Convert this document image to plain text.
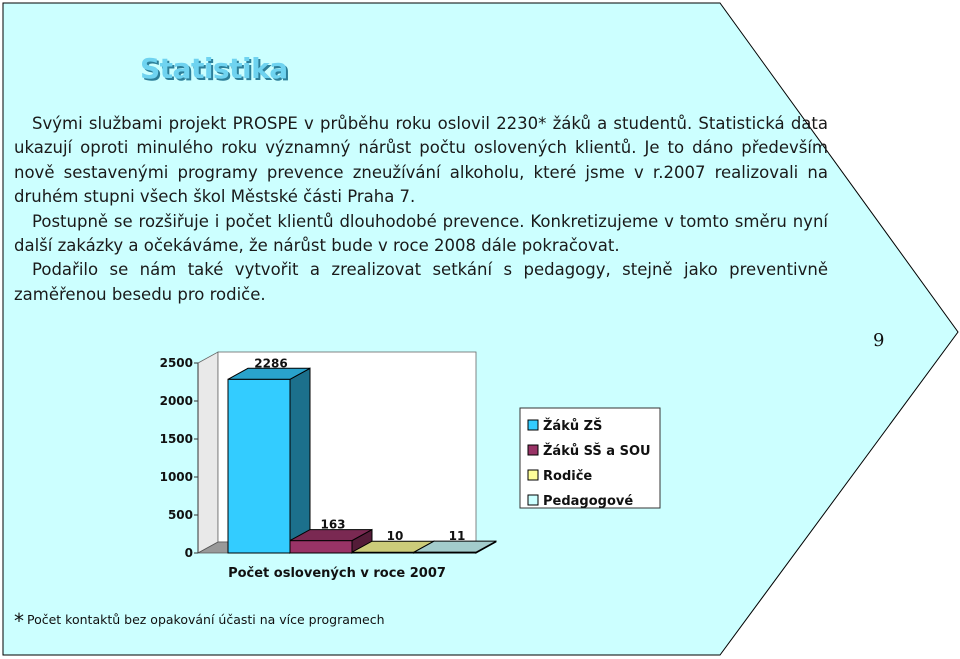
Statistika

Svými službami projekt PROSPE v průběhu roku oslovil 2230* žáků a studentů. Statistická data ukazují oproti minulého roku významný nárůst počtu oslovených klientů. Je to dáno především nově sestavenými programy prevence zneužívání alkoholu, které jsme v r.2007 realizovali na druhém stupni všech škol Městské části Praha 7.

Postupně se rozšiřuje i počet klientů dlouhodobé prevence. Konkretizujeme v tomto směru nyní další zakázky a očekáváme, že nárůst bude v roce 2008 dále pokračovat.

Podařilo se nám také vytvořit a zrealizovat setkání s pedagogy, stejně jako preventivně zaměřenou besedu pro rodiče.

9
0
500
1000
1500
2000
2500	2286
163
10	11
Počet oslovených v roce 2007
Žáků ZŠ
Žáků SŠ a SOU
Rodiče
Pedagogové

* Počet kontaktů bez opakování účasti na více programech
